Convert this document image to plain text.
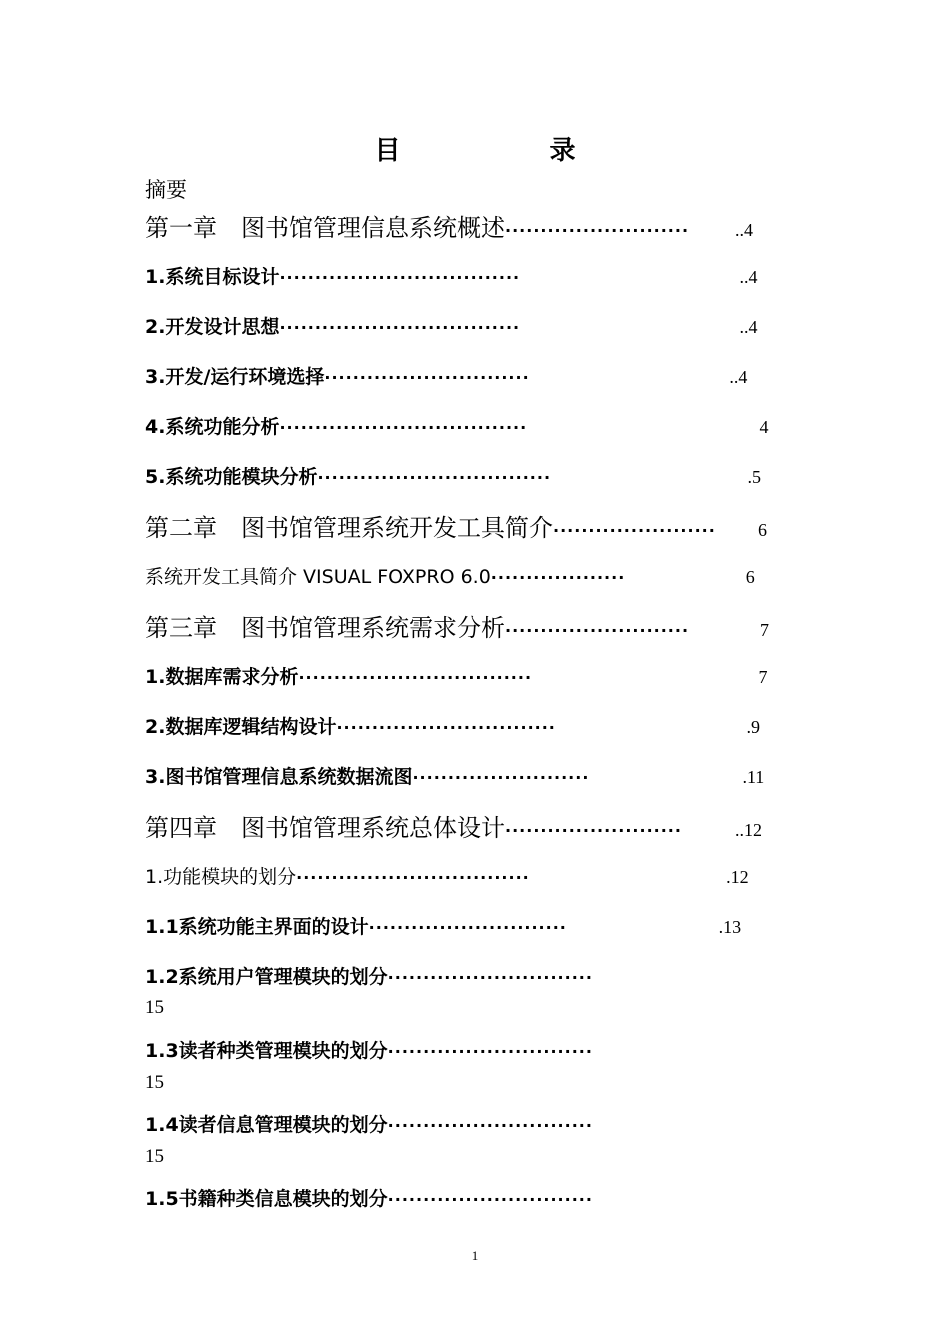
目 录
摘要
第一章　图书馆管理信息系统概述 ··························	..4
1.系统目标设计 ··································	..4
2.开发设计思想 ··································	..4
3.开发/运行环境选择 ·····························	..4
4.系统功能分析 ···································	4
5.系统功能模块分析 ·································	.5
第二章　图书馆管理系统开发工具简介 ·······················	6
系统开发工具简介 VISUAL FOXPRO 6.0 ···················	6
第三章　图书馆管理系统需求分析 ··························	7
1.数据库需求分析 ·································	7
2.数据库逻辑结构设计 ·······························	.9
3.图书馆管理信息系统数据流图 ·························	.11
第四章　图书馆管理系统总体设计 ·························	..12
1.功能模块的划分 ·································	.12
1.1系统功能主界面的设计 ····························	.13
1.2系统用户管理模块的划分 ·····························
15
1.3读者种类管理模块的划分 ·····························
15
1.4读者信息管理模块的划分 ·····························
15
1.5书籍种类信息模块的划分 ·····························
1
